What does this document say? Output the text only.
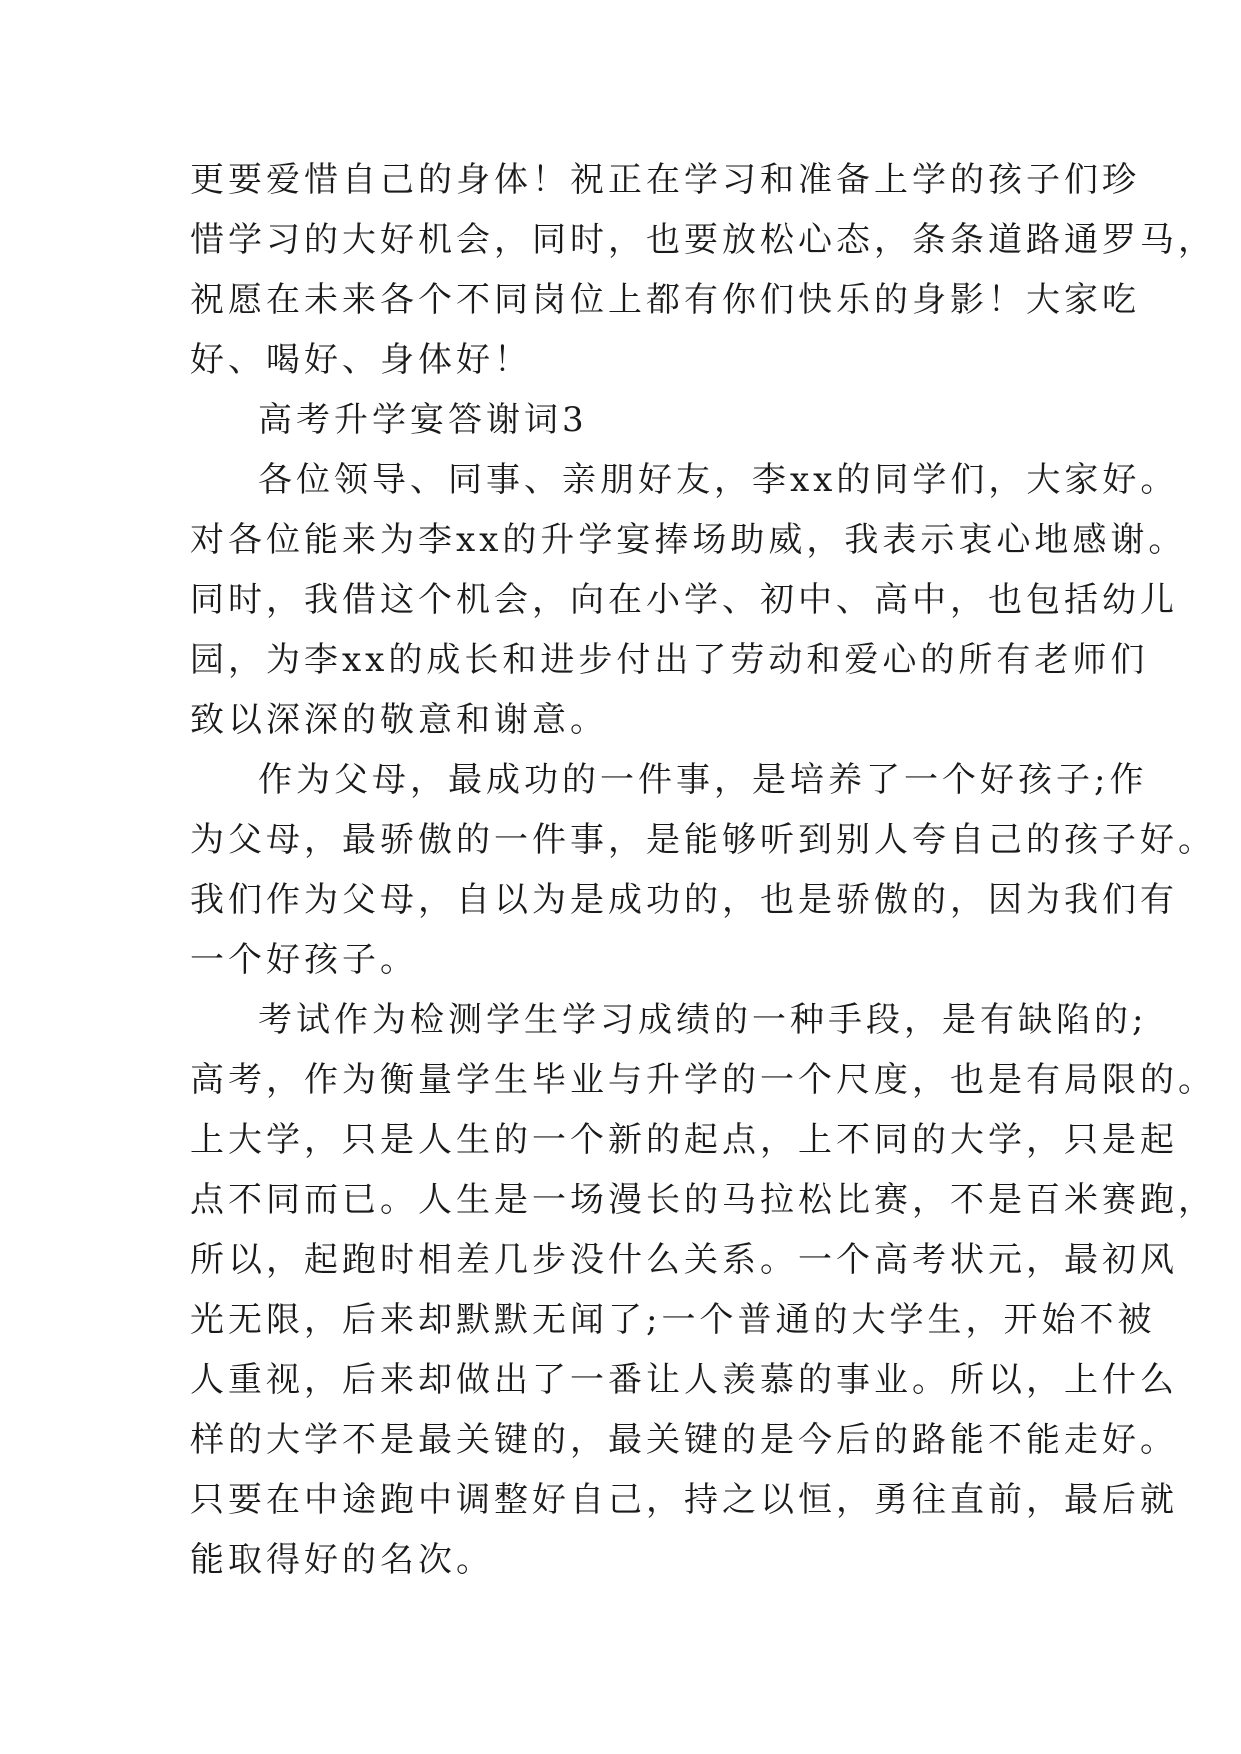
更要爱惜自己的身体！祝正在学习和准备上学的孩子们珍
惜学习的大好机会，同时，也要放松心态，条条道路通罗马，
祝愿在未来各个不同岗位上都有你们快乐的身影！大家吃
好、喝好、身体好！
高考升学宴答谢词3
各位领导、同事、亲朋好友，李xx的同学们，大家好。
对各位能来为李xx的升学宴捧场助威，我表示衷心地感谢。
同时，我借这个机会，向在小学、初中、高中，也包括幼儿
园，为李xx的成长和进步付出了劳动和爱心的所有老师们
致以深深的敬意和谢意。
作为父母，最成功的一件事，是培养了一个好孩子;作
为父母，最骄傲的一件事，是能够听到别人夸自己的孩子好。
我们作为父母，自以为是成功的，也是骄傲的，因为我们有
一个好孩子。
考试作为检测学生学习成绩的一种手段，是有缺陷的;
高考，作为衡量学生毕业与升学的一个尺度，也是有局限的。
上大学，只是人生的一个新的起点，上不同的大学，只是起
点不同而已。人生是一场漫长的马拉松比赛，不是百米赛跑，
所以，起跑时相差几步没什么关系。一个高考状元，最初风
光无限，后来却默默无闻了;一个普通的大学生，开始不被
人重视，后来却做出了一番让人羡慕的事业。所以，上什么
样的大学不是最关键的，最关键的是今后的路能不能走好。
只要在中途跑中调整好自己，持之以恒，勇往直前，最后就
能取得好的名次。
